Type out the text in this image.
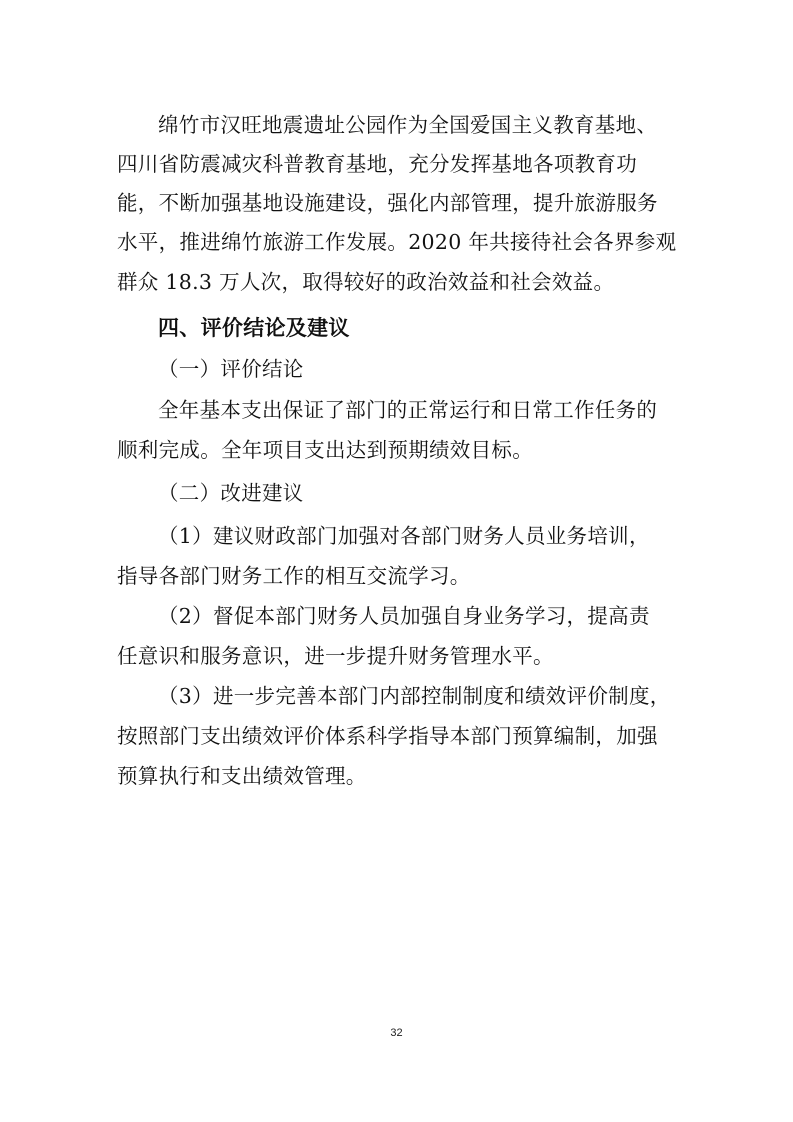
绵竹市汉旺地震遗址公园作为全国爱国主义教育基地、
四川省防震减灾科普教育基地，充分发挥基地各项教育功
能，不断加强基地设施建设，强化内部管理，提升旅游服务
水平，推进绵竹旅游工作发展。2020 年共接待社会各界参观
群众 18.3 万人次，取得较好的政治效益和社会效益。
四、评价结论及建议
（一）评价结论
全年基本支出保证了部门的正常运行和日常工作任务的
顺利完成。全年项目支出达到预期绩效目标。
（二）改进建议
（1）建议财政部门加强对各部门财务人员业务培训，
指导各部门财务工作的相互交流学习。
（2）督促本部门财务人员加强自身业务学习，提高责
任意识和服务意识，进一步提升财务管理水平。
（3）进一步完善本部门内部控制制度和绩效评价制度，
按照部门支出绩效评价体系科学指导本部门预算编制，加强
预算执行和支出绩效管理。
32
